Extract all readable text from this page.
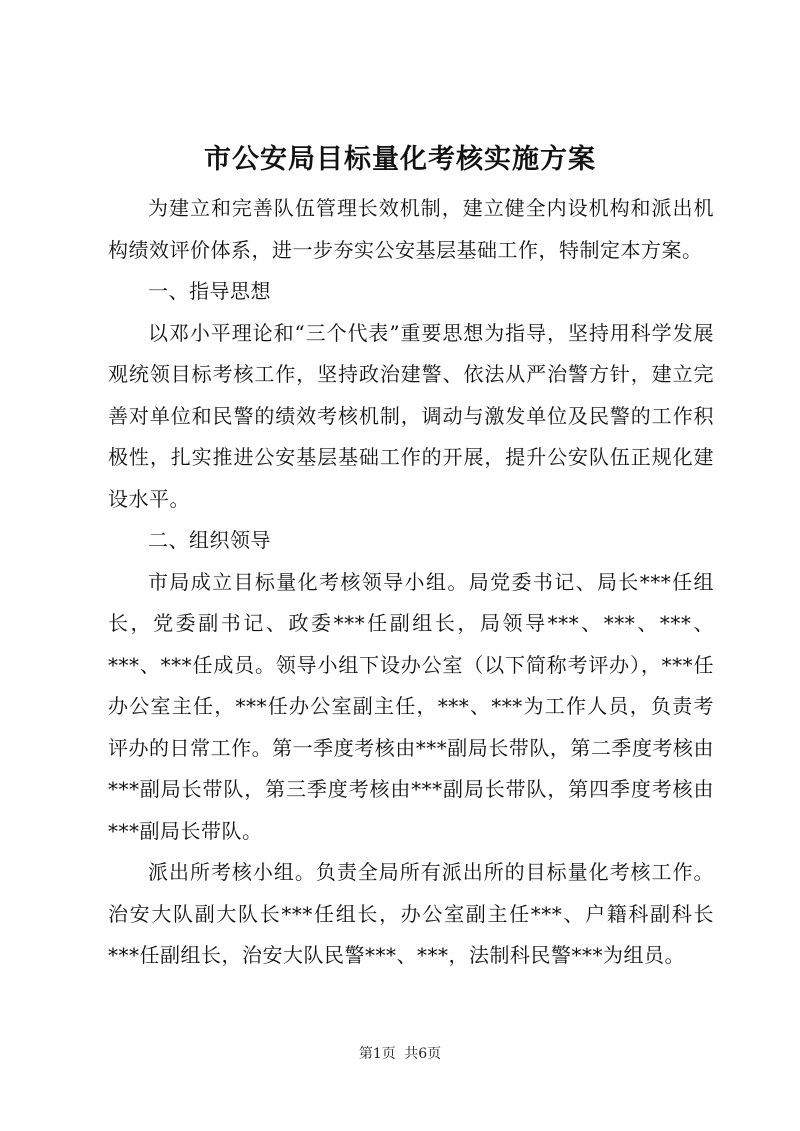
市公安局目标量化考核实施方案

为建立和完善队伍管理长效机制，建立健全内设机构和派出机构绩效评价体系，进一步夯实公安基层基础工作，特制定本方案。

一、指导思想

以邓小平理论和“三个代表”重要思想为指导，坚持用科学发展观统领目标考核工作，坚持政治建警、依法从严治警方针，建立完善对单位和民警的绩效考核机制，调动与激发单位及民警的工作积极性，扎实推进公安基层基础工作的开展，提升公安队伍正规化建设水平。

二、组织领导

市局成立目标量化考核领导小组。局党委书记、局长***任组长，党委副书记、政委***任副组长，局领导***、***、***、***、***任成员。领导小组下设办公室（以下简称考评办），***任办公室主任，***任办公室副主任，***、***为工作人员，负责考评办的日常工作。第一季度考核由***副局长带队，第二季度考核由***副局长带队，第三季度考核由***副局长带队，第四季度考核由***副局长带队。

派出所考核小组。负责全局所有派出所的目标量化考核工作。治安大队副大队长***任组长，办公室副主任***、户籍科副科长***任副组长，治安大队民警***、***，法制科民警***为组员。

第1页 共6页
